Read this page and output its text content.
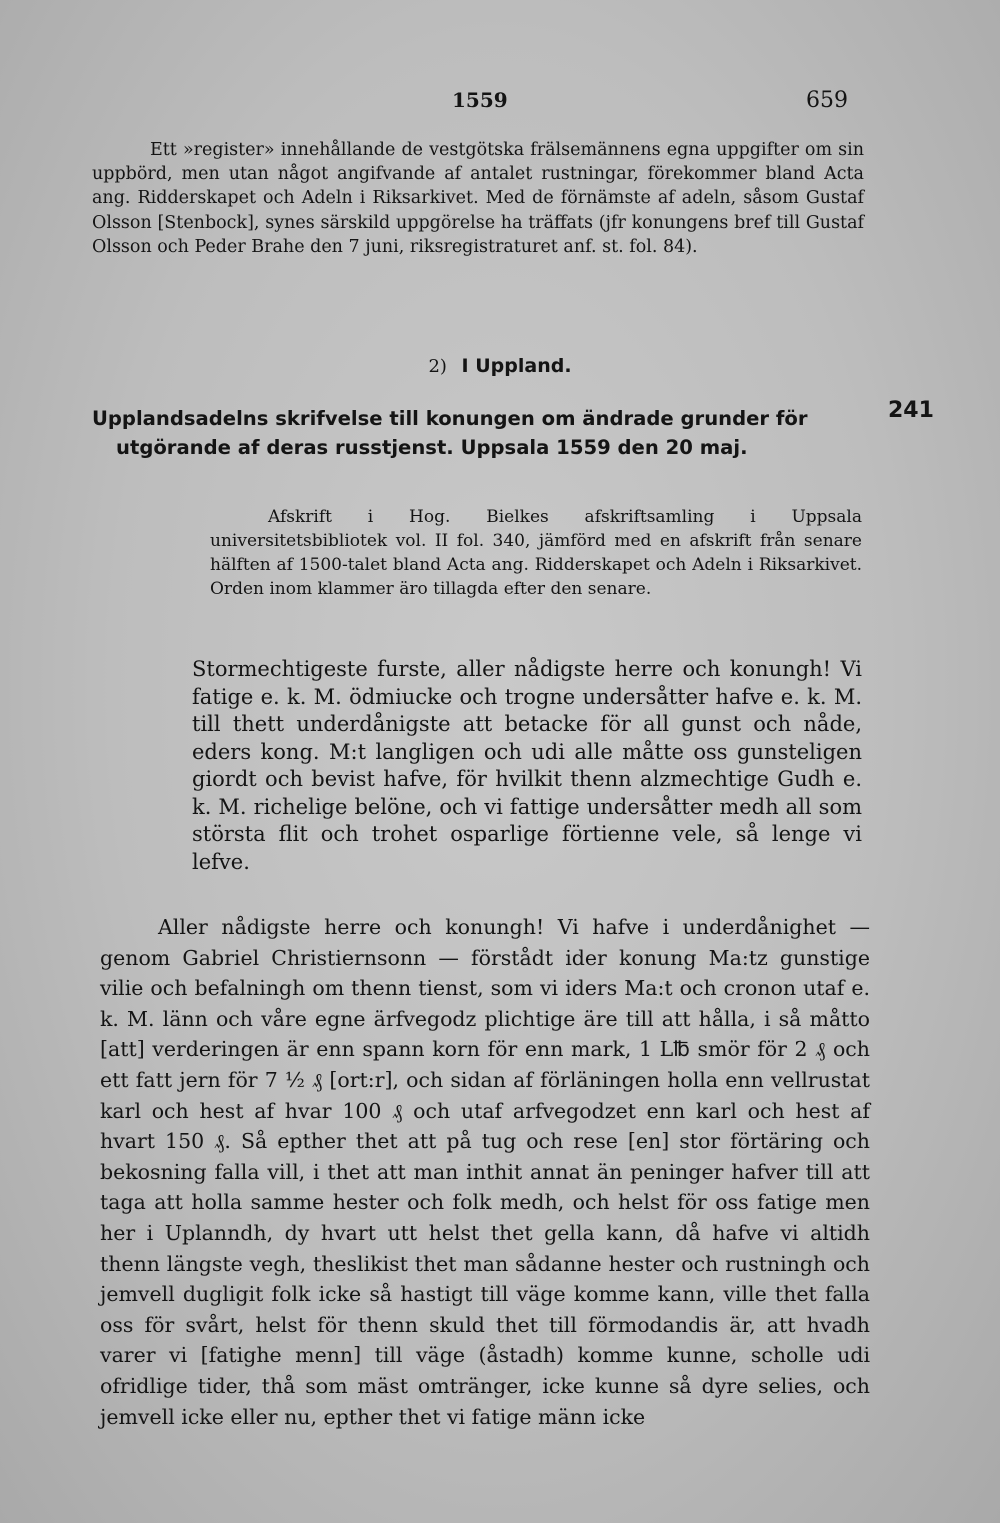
1559	659

Ett »register» innehållande de vestgötska frälsemännens egna uppgifter om sin uppbörd, men utan något angifvande af antalet rustningar, förekommer bland Acta ang. Ridderskapet och Adeln i Riksarkivet. Med de förnämste af adeln, såsom Gustaf Olsson [Stenbock], synes särskild uppgörelse ha träffats (jfr konungens bref till Gustaf Olsson och Peder Brahe den 7 juni, riksregistraturet anf. st. fol. 84).

2) I Uppland.
Upplandsadelns skrifvelse till konungen om ändrade grunder för
utgörande af deras russtjenst. Uppsala 1559 den 20 maj.
241

Afskrift i Hog. Bielkes afskriftsamling i Uppsala universitetsbibliotek vol. II fol. 340, jämförd med en afskrift från senare hälften af 1500-talet bland Acta ang. Ridderskapet och Adeln i Riksarkivet. Orden inom klammer äro tillagda efter den senare.

Stormechtigeste furste, aller nådigste herre och konungh! Vi fatige e. k. M. ödmiucke och trogne undersåtter hafve e. k. M. till thett underdånigste att betacke för all gunst och nåde, eders kong. M:t langligen och udi alle måtte oss gunsteligen giordt och bevist hafve, för hvilkit thenn alzmechtige Gudh e. k. M. richelige belöne, och vi fattige undersåtter medh all som största flit och trohet osparlige förtienne vele, så lenge vi lefve.

Aller nådigste herre och konungh! Vi hafve i underdånighet — genom Gabriel Christiernsonn — förstådt ider konung Ma:tz gunstige vilie och befalningh om thenn tienst, som vi iders Ma:t och cronon utaf e. k. M. länn och våre egne ärfvegodz plichtige äre till att hålla, i så måtto [att] verderingen är enn spann korn för enn mark, 1 L℔ smör för 2 ₰ och ett fatt jern för 7 ½ ₰ [ort:r], och sidan af förläningen holla enn vellrustat karl och hest af hvar 100 ₰ och utaf arfvegodzet enn karl och hest af hvart 150 ₰. Så epther thet att på tug och rese [en] stor förtäring och bekosning falla vill, i thet att man inthit annat än peninger hafver till att taga att holla samme hester och folk medh, och helst för oss fatige men her i Uplanndh, dy hvart utt helst thet gella kann, då hafve vi altidh thenn längste vegh, theslikist thet man sådanne hester och rustningh och jemvell dugligit folk icke så hastigt till väge komme kann, ville thet falla oss för svårt, helst för thenn skuld thet till förmodandis är, att hvadh varer vi [fatighe menn] till väge (åstadh) komme kunne, scholle udi ofridlige tider, thå som mäst omtränger, icke kunne så dyre selies, och jemvell icke eller nu, epther thet vi fatige männ icke
